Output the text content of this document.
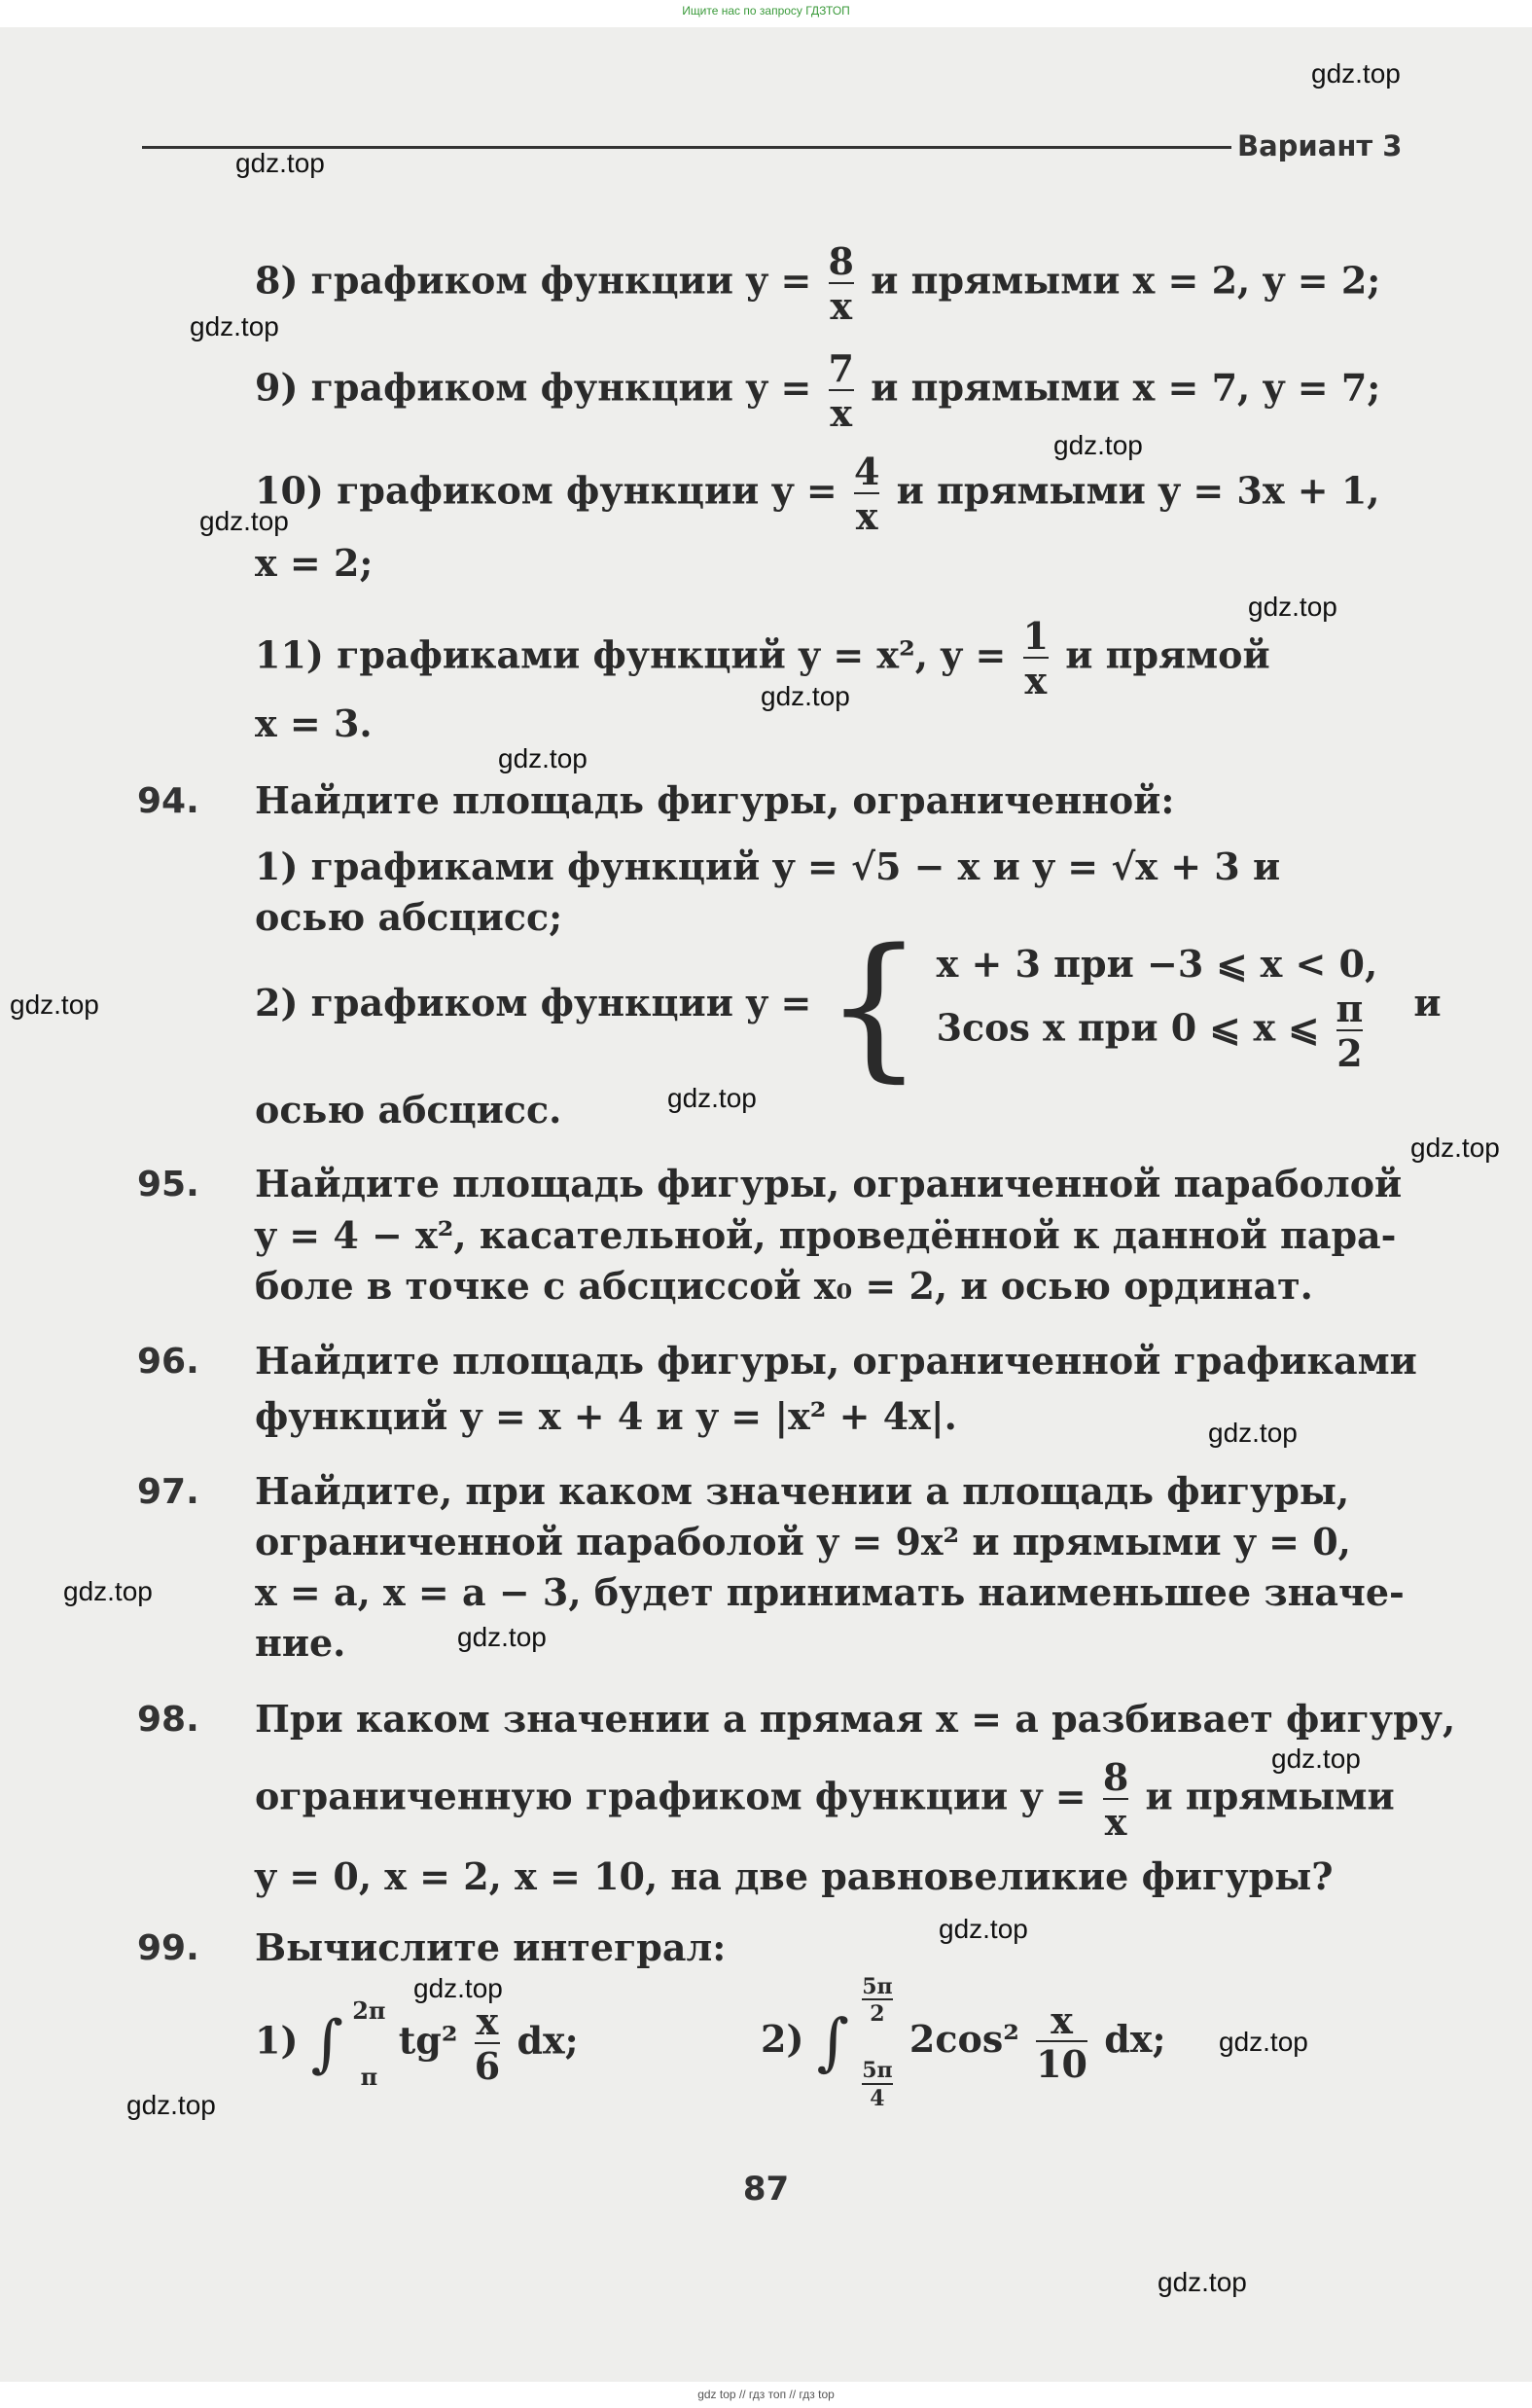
Ищите нас по запросу ГДЗТОП
Вариант 3
8) графиком функции $y = \frac{8}{x}$ и прямыми x = 2, y = 2;
9) графиком функции $y = \frac{7}{x}$ и прямыми x = 7, y = 7;
10) графиком функции $y = \frac{4}{x}$ и прямыми y = 3x + 1,
x = 2;
11) графиками функций y = x², $y = \frac{1}{x}$ и прямой
x = 3.
94. Найдите площадь фигуры, ограниченной:
1) графиками функций y = √5 − x и y = √x + 3 и
осью абсцисс;
2) графиком функции y = { x + 3 при −3 ⩽ x < 0,
3cos x при 0 ⩽ x ⩽ $\frac{\pi}{2}$ и
осью абсцисс.
95. Найдите площадь фигуры, ограниченной параболой
y = 4 − x², касательной, проведённой к данной пара-
боле в точке с абсциссой x₀ = 2, и осью ординат.
96. Найдите площадь фигуры, ограниченной графиками
функций y = x + 4 и y = |x² + 4x|.
97. Найдите, при каком значении a площадь фигуры,
ограниченной параболой y = 9x² и прямыми y = 0,
x = a, x = a − 3, будет принимать наименьшее значе-
ние.
98. При каком значении a прямая x = a разбивает фигуру,
ограниченную графиком функции $y = \frac{8}{x}$ и прямыми
y = 0, x = 2, x = 10, на две равновеликие фигуры?
99. Вычислите интеграл:
1) ∫ 2π
π
$tg^2 \frac{x}{6}$ dx;	2) ∫
$\frac{5\pi}{2}$
$\frac{5\pi}{4}$
$2\cos^2 \frac{x}{10}$ dx;
87
gdz.top
gdz.top
gdz.top
gdz.top
gdz.top
gdz.top
gdz.top
gdz.top
gdz.top
gdz.top
gdz.top
gdz.top
gdz.top
gdz.top
gdz.top
gdz.top
gdz.top
gdz.top
gdz.top
gdz.top
gdz top // гдз топ // гдз top
